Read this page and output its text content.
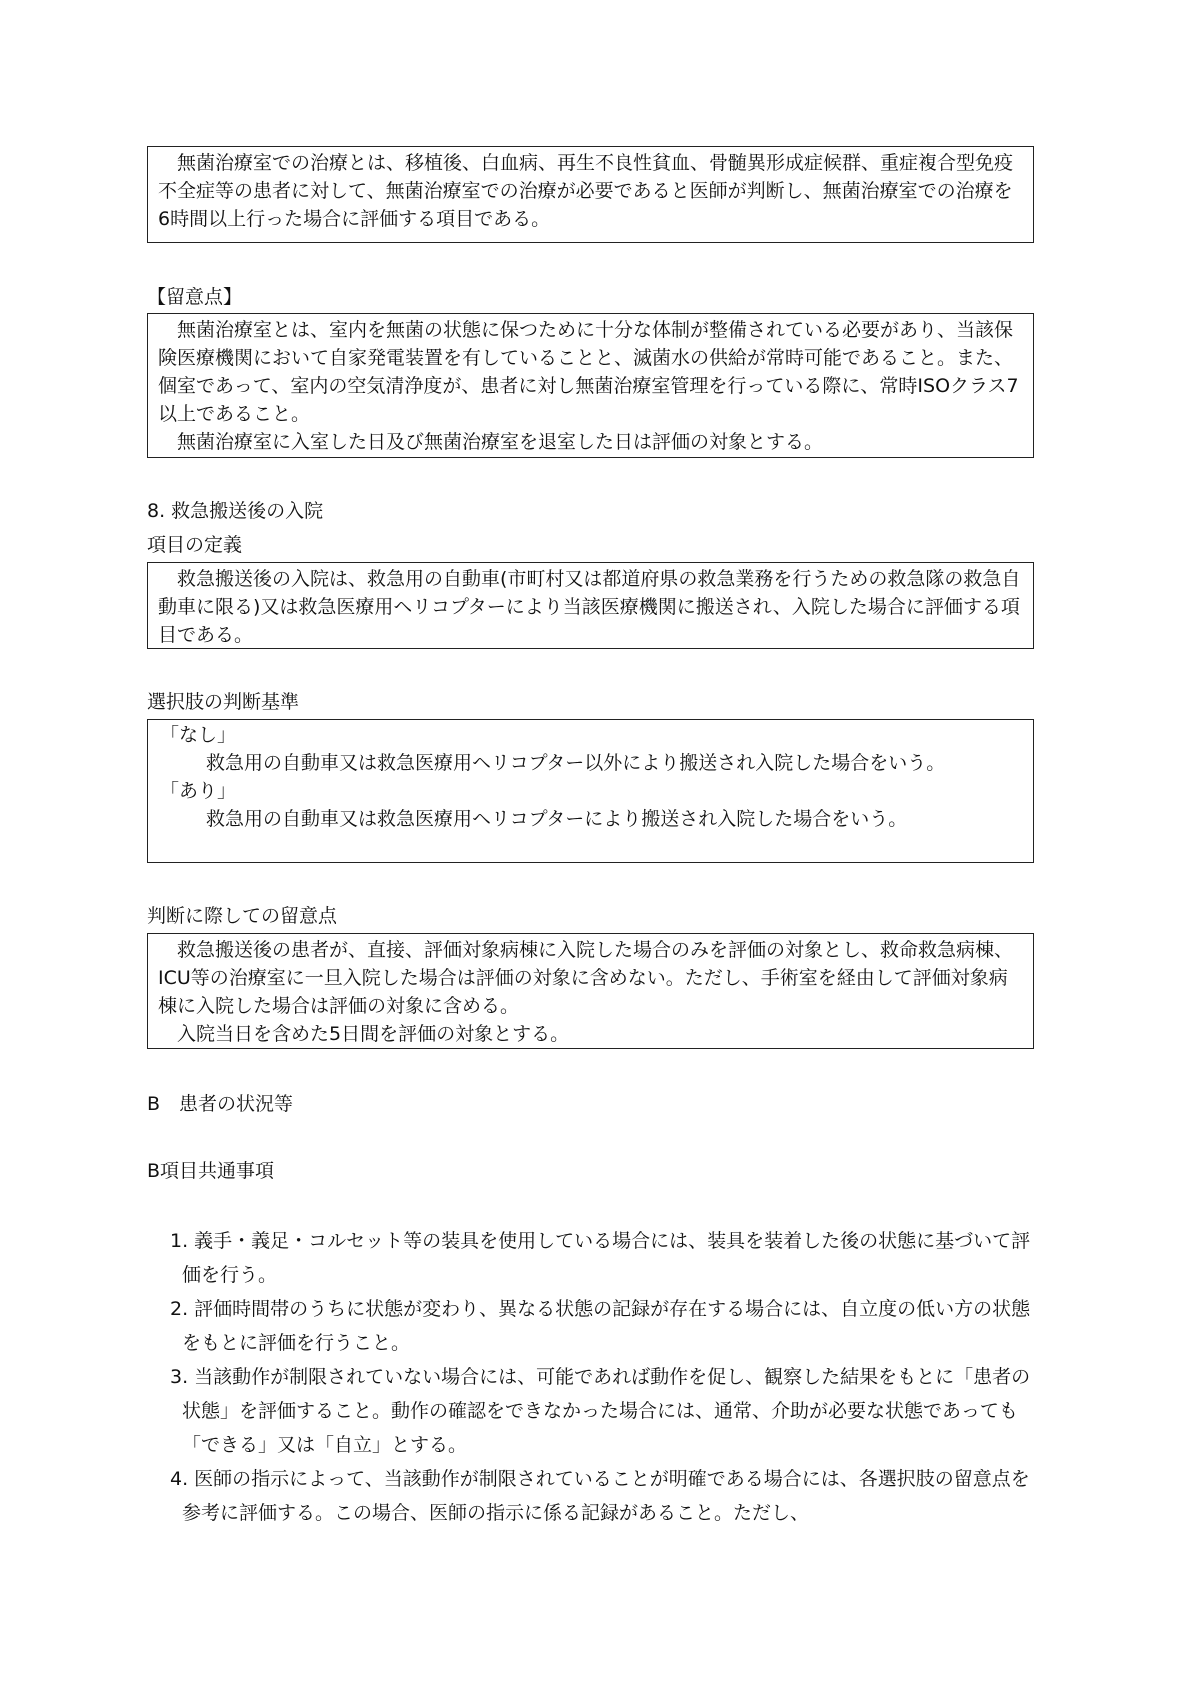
無菌治療室での治療とは、移植後、白血病、再生不良性貧血、骨髄異形成症候群、重症複合型免疫不全症等の患者に対して、無菌治療室での治療が必要であると医師が判断し、無菌治療室での治療を6時間以上行った場合に評価する項目である。
【留意点】
無菌治療室とは、室内を無菌の状態に保つために十分な体制が整備されている必要があり、当該保険医療機関において自家発電装置を有していることと、滅菌水の供給が常時可能であること。また、個室であって、室内の空気清浄度が、患者に対し無菌治療室管理を行っている際に、常時ISOクラス7以上であること。
無菌治療室に入室した日及び無菌治療室を退室した日は評価の対象とする。
8. 救急搬送後の入院
項目の定義
救急搬送後の入院は、救急用の自動車(市町村又は都道府県の救急業務を行うための救急隊の救急自動車に限る)又は救急医療用ヘリコプターにより当該医療機関に搬送され、入院した場合に評価する項目である。
選択肢の判断基準
「なし」
救急用の自動車又は救急医療用ヘリコプター以外により搬送され入院した場合をいう。
「あり」
救急用の自動車又は救急医療用ヘリコプターにより搬送され入院した場合をいう。
判断に際しての留意点
救急搬送後の患者が、直接、評価対象病棟に入院した場合のみを評価の対象とし、救命救急病棟、ICU等の治療室に一旦入院した場合は評価の対象に含めない。ただし、手術室を経由して評価対象病棟に入院した場合は評価の対象に含める。
入院当日を含めた5日間を評価の対象とする。
B　患者の状況等
B項目共通事項
1. 義手・義足・コルセット等の装具を使用している場合には、装具を装着した後の状態に基づいて評価を行う。
2. 評価時間帯のうちに状態が変わり、異なる状態の記録が存在する場合には、自立度の低い方の状態をもとに評価を行うこと。
3. 当該動作が制限されていない場合には、可能であれば動作を促し、観察した結果をもとに「患者の状態」を評価すること。動作の確認をできなかった場合には、通常、介助が必要な状態であっても「できる」又は「自立」とする。
4. 医師の指示によって、当該動作が制限されていることが明確である場合には、各選択肢の留意点を参考に評価する。この場合、医師の指示に係る記録があること。ただし、
